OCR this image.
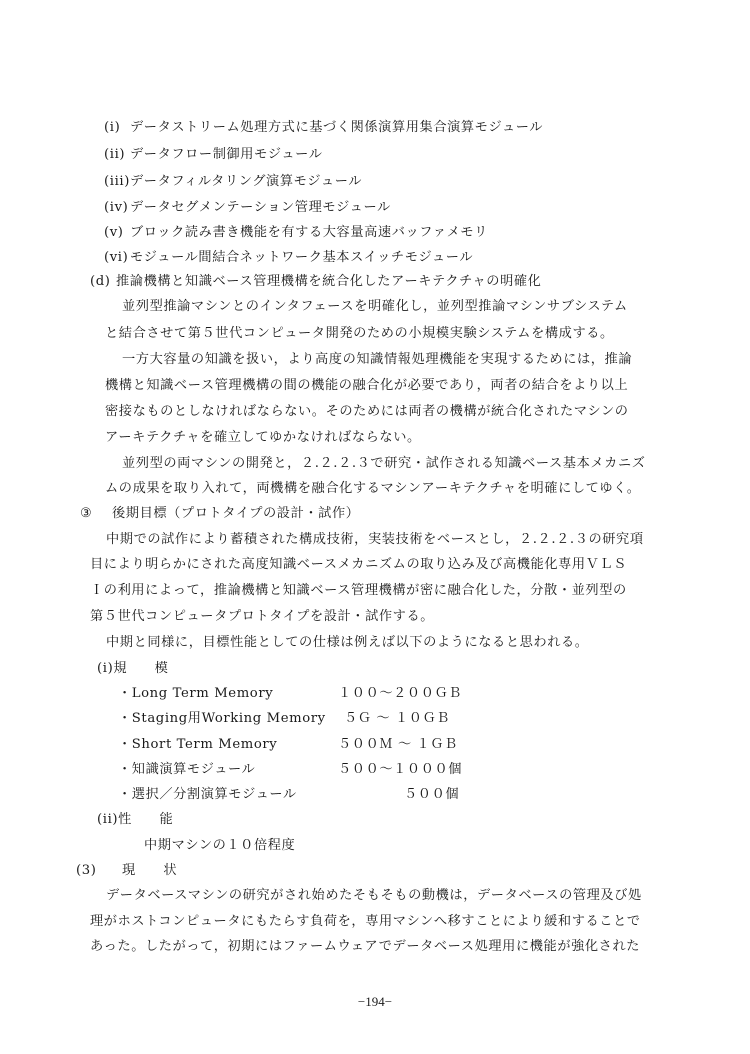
(i) データストリーム処理方式に基づく関係演算用集合演算モジュール
(ii) データフロー制御用モジュール
(iii)データフィルタリング演算モジュール
(iv) データセグメンテーション管理モジュール
(v) ブロック読み書き機能を有する大容量高速バッファメモリ
(vi) モジュール間結合ネットワーク基本スイッチモジュール
(d) 推論機構と知識ベース管理機構を統合化したアーキテクチャの明確化
並列型推論マシンとのインタフェースを明確化し，並列型推論マシンサブシステム
と結合させて第５世代コンピュータ開発のための小規模実験システムを構成する。
一方大容量の知識を扱い，より高度の知識情報処理機能を実現するためには，推論
機構と知識ベース管理機構の間の機能の融合化が必要であり，両者の結合をより以上
密接なものとしなければならない。そのためには両者の機構が統合化されたマシンの
アーキテクチャを確立してゆかなければならない。
並列型の両マシンの開発と，２.２.２.３で研究・試作される知識ベース基本メカニズ
ムの成果を取り入れて，両機構を融合化するマシンアーキテクチャを明確にしてゆく。
③ 後期目標（プロトタイプの設計・試作）
中期での試作により蓄積された構成技術，実装技術をベースとし，２.２.２.３の研究項
目により明らかにされた高度知識ベースメカニズムの取り込み及び高機能化専用ＶＬＳ
Ｉの利用によって，推論機構と知識ベース管理機構が密に融合化した，分散・並列型の
第５世代コンピュータプロトタイプを設計・試作する。
中期と同様に，目標性能としての仕様は例えば以下のようになると思われる。
(i)規　　模
・Long Term Memory	１００～２００ＧＢ
・Staging用Working Memory ５Ｇ ～ １０ＧＢ
・Short Term Memory	５００Ｍ ～ １ＧＢ
・知識演算モジュール	５００～１０００個
・選択／分割演算モジュール	５００個
(ii)性　　能
中期マシンの１０倍程度
(3) 現　　状
データベースマシンの研究がされ始めたそもそもの動機は，データベースの管理及び処
理がホストコンピュータにもたらす負荷を，専用マシンへ移すことにより緩和することで
あった。したがって，初期にはファームウェアでデータベース処理用に機能が強化された
−194−
